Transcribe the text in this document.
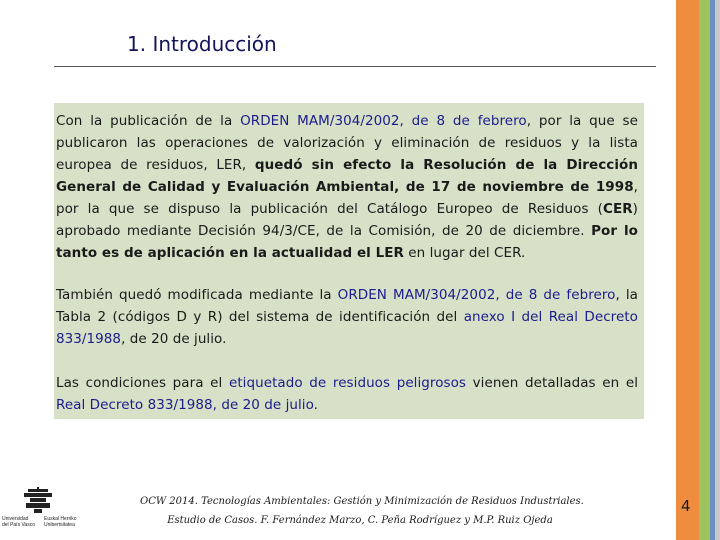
1. Introducción

Con la publicación de la ORDEN MAM/304/2002, de 8 de febrero, por la que se publicaron las operaciones de valorización y eliminación de residuos y la lista europea de residuos, LER, quedó sin efecto la Resolución de la Dirección General de Calidad y Evaluación Ambiental, de 17 de noviembre de 1998, por la que se dispuso la publicación del Catálogo Europeo de Residuos (CER) aprobado mediante Decisión 94/3/CE, de la Comisión, de 20 de diciembre. Por lo tanto es de aplicación en la actualidad el LER en lugar del CER.

También quedó modificada mediante la ORDEN MAM/304/2002, de 8 de febrero, la Tabla 2 (códigos D y R) del sistema de identificación del anexo I del Real Decreto 833/1988, de 20 de julio.

Las condiciones para el etiquetado de residuos peligrosos vienen detalladas en el Real Decreto 833/1988, de 20 de julio.

Universidad
del País Vasco
Euskal Herriko
Unibertsitatea
OCW 2014. Tecnologías Ambientales: Gestión y Minimización de Residuos Industriales.
Estudio de Casos. F. Fernández Marzo, C. Peña Rodríguez y M.P. Ruiz Ojeda
4
